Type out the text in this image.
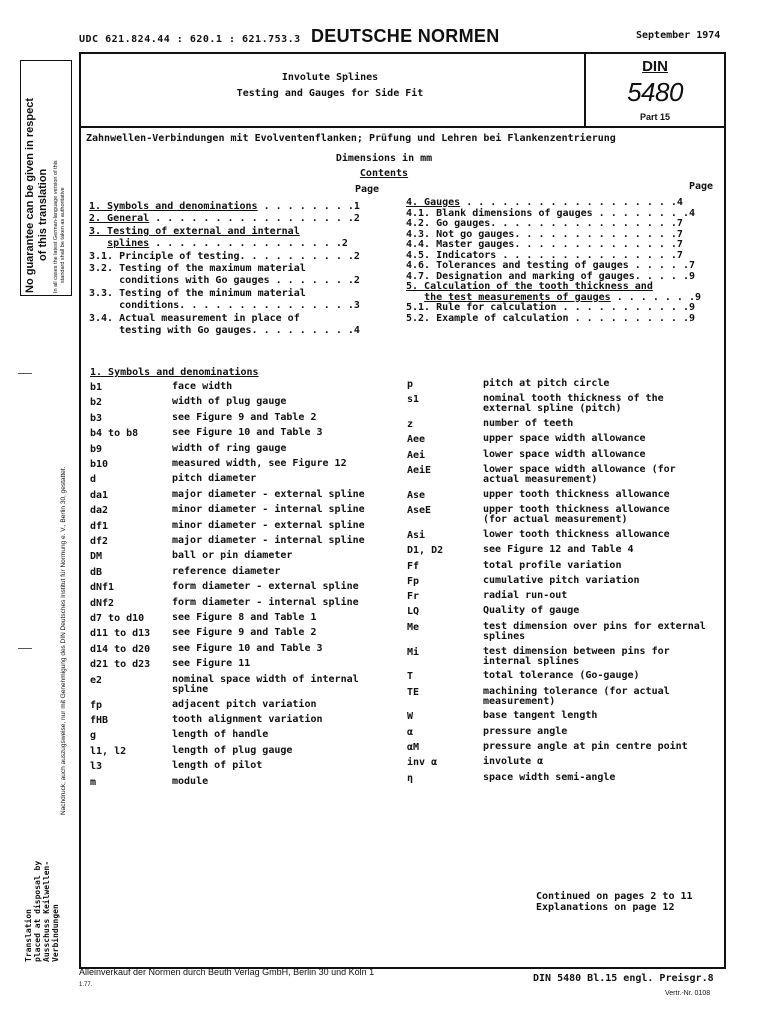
UDC 621.824.44 : 620.1 : 621.753.3 DEUTSCHE NORMEN	September 1974
Involute Splines
Testing and Gauges for Side Fit
DIN
5480
Part 15
Zahnwellen-Verbindungen mit Evolventenflanken; Prüfung und Lehren bei Flankenzentrierung
Dimensions in mm
Contents
Page	Page
1. Symbols and denominations . . . . . . . .1
2. General . . . . . . . . . . . . . . . . .2
3. Testing of external and internal
splines . . . . . . . . . . . . . . . .2
3.1. Principle of testing. . . . . . . . . .2
3.2. Testing of the maximum material
conditions with Go gauges . . . . . . .2
3.3. Testing of the minimum material
conditions. . . . . . . . . . . . . . .3
3.4. Actual measurement in place of
testing with Go gauges. . . . . . . . .4
4. Gauges . . . . . . . . . . . . . . . . . .4
4.1. Blank dimensions of gauges . . . . . . . .4
4.2. Go gauges. . . . . . . . . . . . . . . .7
4.3. Not go gauges. . . . . . . . . . . . . .7
4.4. Master gauges. . . . . . . . . . . . . .7
4.5. Indicators . . . . . . . . . . . . . . .7
4.6. Tolerances and testing of gauges . . . . .7
4.7. Designation and marking of gauges. . . . .9
5. Calculation of the tooth thickness and
the test measurements of gauges . . . . . . .9
5.1. Rule for calculation . . . . . . . . . . .9
5.2. Example of calculation . . . . . . . . . .9
1. Symbols and denominations
b1	face width
b2	width of plug gauge
b3	see Figure 9 and Table 2
b4 to b8	see Figure 10 and Table 3
b9	width of ring gauge
b10	measured width, see Figure 12
d	pitch diameter
da1	major diameter - external spline
da2	minor diameter - internal spline
df1	minor diameter - external spline
df2	major diameter - internal spline
DM	ball or pin diameter
dB	reference diameter
dNf1	form diameter - external spline
dNf2	form diameter - internal spline
d7 to d10	see Figure 8 and Table 1
d11 to d13 see Figure 9 and Table 2
d14 to d20 see Figure 10 and Table 3
d21 to d23 see Figure 11
e2	nominal space width of internal
spline
fp	adjacent pitch variation
fHB	tooth alignment variation
g	length of handle
l1, l2	length of plug gauge
l3	length of pilot
m	module
p	pitch at pitch circle
s1	nominal tooth thickness of the
external spline (pitch)
z	number of teeth
Aee	upper space width allowance
Aei	lower space width allowance
AeiE	lower space width allowance (for
actual measurement)
Ase	upper tooth thickness allowance
AseE	upper tooth thickness allowance
(for actual measurement)
Asi	lower tooth thickness allowance
D1, D2	see Figure 12 and Table 4
Ff	total profile variation
Fp	cumulative pitch variation
Fr	radial run-out
LQ	Quality of gauge
Me	test dimension over pins for external
splines
Mi	test dimension between pins for
internal splines
T	total tolerance (Go-gauge)
TE	machining tolerance (for actual
measurement)
W	base tangent length
α	pressure angle
αM	pressure angle at pin centre point
inv α	involute α
η	space width semi-angle
Continued on pages 2 to 11
Explanations on page 12
Alleinverkauf der Normen durch Beuth Verlag GmbH, Berlin 30 und Köln 1
1.77.
DIN 5480 Bl.15 engl. Preisgr.8
Vertr.-Nr. 0108
No guarantee can be given in respect of this translation In all cases the latest German-language version of this standard shall be taken as authoritative
Nachdruck, auch auszugsweise, nur mit Genehmigung des DIN Deutsches Institut für Normung e. V., Berlin 30, gestattet.
Translation placed at disposal by Ausschuss Keilwellen- Verbindungen
